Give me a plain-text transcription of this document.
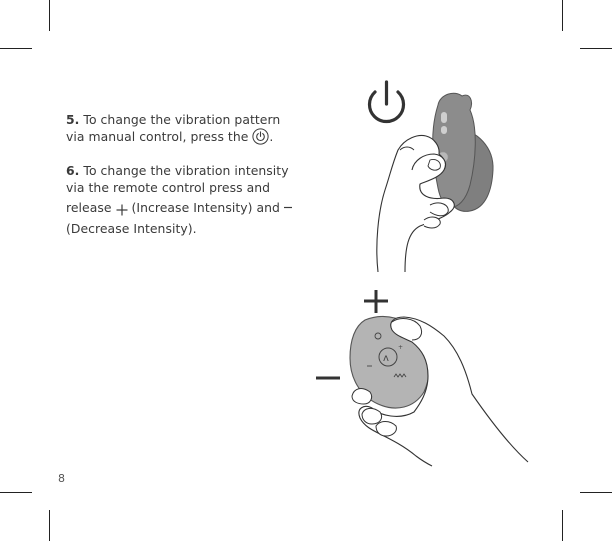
5. To change the vibration pattern via manual control, press the .

6. To change the vibration intensity via the remote control press and release  (Increase Intensity) and  (Decrease Intensity).

ʌ
+
8
